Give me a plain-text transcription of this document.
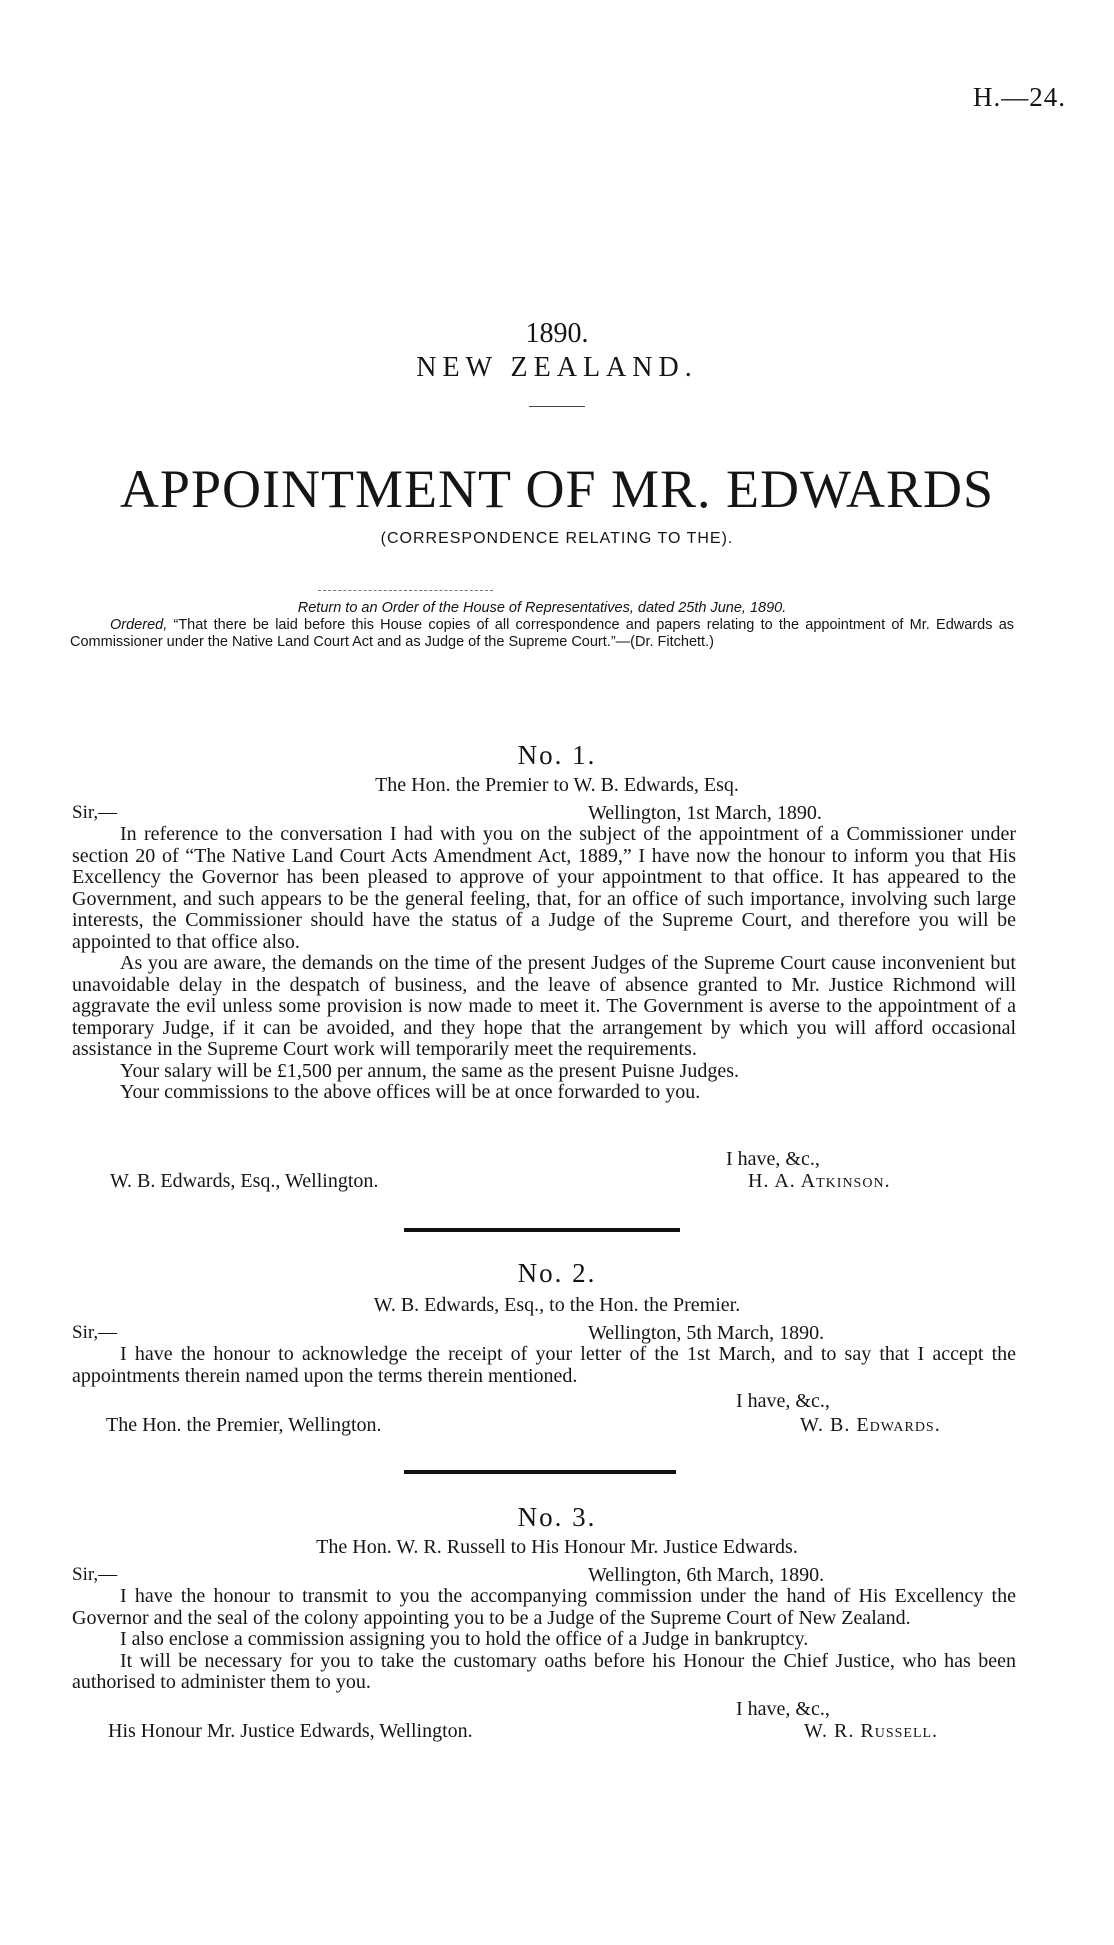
H.—24.
1890.
NEW ZEALAND.
APPOINTMENT OF MR. EDWARDS
(CORRESPONDENCE RELATING TO THE).

Return to an Order of the House of Representatives, dated 25th June, 1890.

Ordered, “That there be laid before this House copies of all correspondence and papers relating to the appointment of Mr. Edwards as Commissioner under the Native Land Court Act and as Judge of the Supreme Court.”—(Dr. Fitchett.)

No. 1.
The Hon. the Premier to W. B. Edwards, Esq.
Sir,—	Wellington, 1st March, 1890.

In reference to the conversation I had with you on the subject of the appointment of a Commissioner under section 20 of “The Native Land Court Acts Amendment Act, 1889,” I have now the honour to inform you that His Excellency the Governor has been pleased to approve of your appointment to that office. It has appeared to the Government, and such appears to be the general feeling, that, for an office of such importance, involving such large interests, the Commissioner should have the status of a Judge of the Supreme Court, and therefore you will be appointed to that office also.

As you are aware, the demands on the time of the present Judges of the Supreme Court cause inconvenient but unavoidable delay in the despatch of business, and the leave of absence granted to Mr. Justice Richmond will aggravate the evil unless some provision is now made to meet it. The Government is averse to the appointment of a temporary Judge, if it can be avoided, and they hope that the arrangement by which you will afford occasional assistance in the Supreme Court work will temporarily meet the requirements.

Your salary will be £1,500 per annum, the same as the present Puisne Judges.

Your commissions to the above offices will be at once forwarded to you.

I have, &c.,
W. B. Edwards, Esq., Wellington.	H. A. Atkinson.
No. 2.
W. B. Edwards, Esq., to the Hon. the Premier.
Sir,—	Wellington, 5th March, 1890.

I have the honour to acknowledge the receipt of your letter of the 1st March, and to say that I accept the appointments therein named upon the terms therein mentioned.

I have, &c.,
The Hon. the Premier, Wellington.	W. B. Edwards.
No. 3.
The Hon. W. R. Russell to His Honour Mr. Justice Edwards.
Sir,—	Wellington, 6th March, 1890.

I have the honour to transmit to you the accompanying commission under the hand of His Excellency the Governor and the seal of the colony appointing you to be a Judge of the Supreme Court of New Zealand.

I also enclose a commission assigning you to hold the office of a Judge in bankruptcy.

It will be necessary for you to take the customary oaths before his Honour the Chief Justice, who has been authorised to administer them to you.

I have, &c.,
His Honour Mr. Justice Edwards, Wellington.	W. R. Russell.
